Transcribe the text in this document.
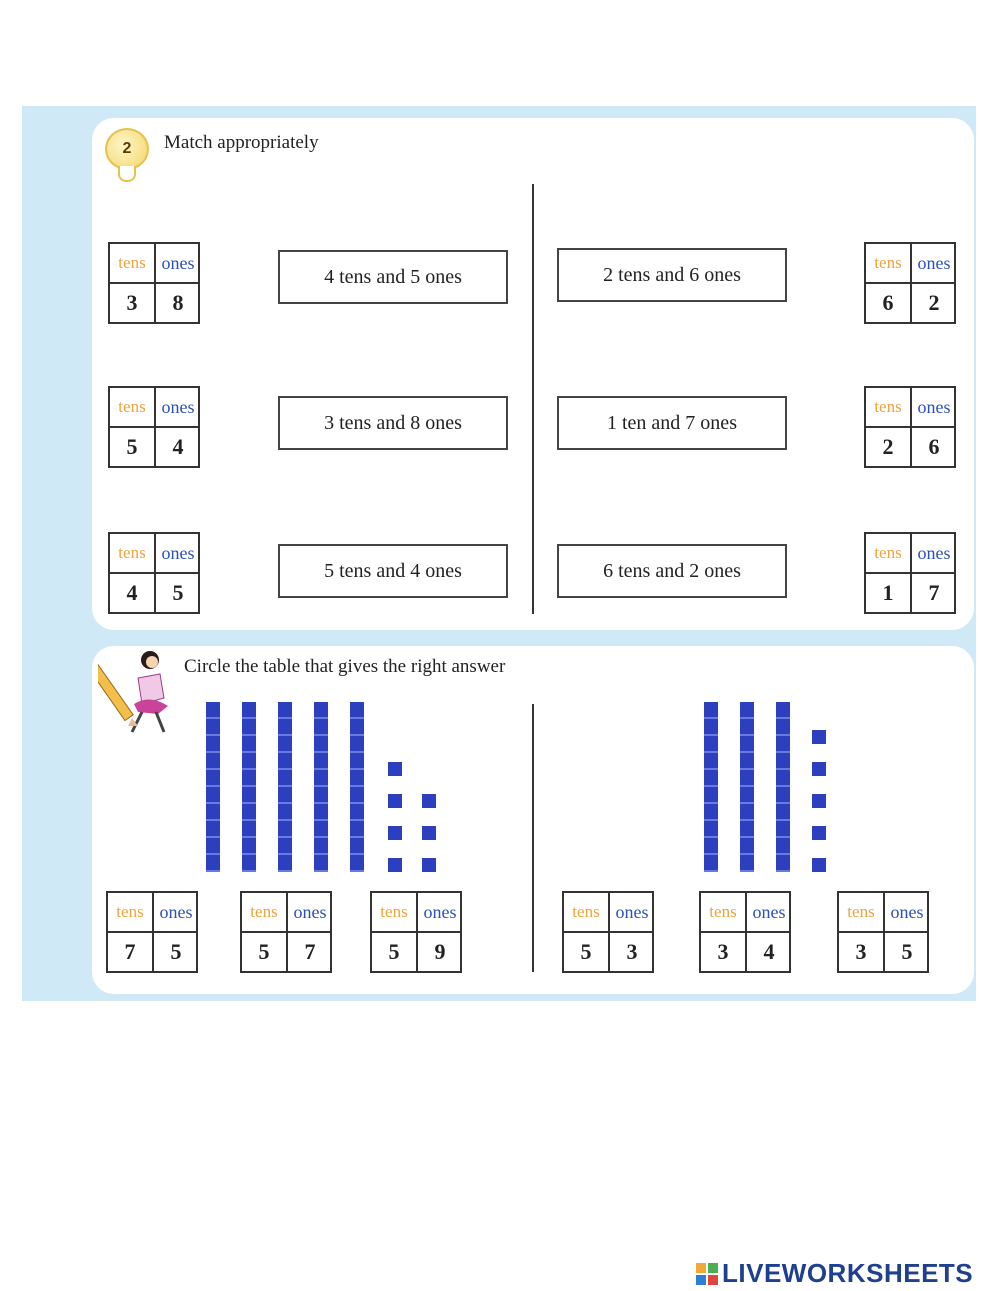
2	Match appropriately
tens ones
3	8
tens ones
5	4
tens ones
4	5
4 tens and 5 ones
3 tens and 8 ones
5 tens and 4 ones
2 tens and 6 ones
1 ten and 7 ones
6 tens and 2 ones
tens ones
6	2
tens ones
2	6
tens ones
1	7
Circle the table that gives the right answer
tens ones
7	5
tens ones
5	7
tens ones
5	9
tens ones
5	3
tens ones
3	4
tens ones
3	5
LIVEWORKSHEETS
